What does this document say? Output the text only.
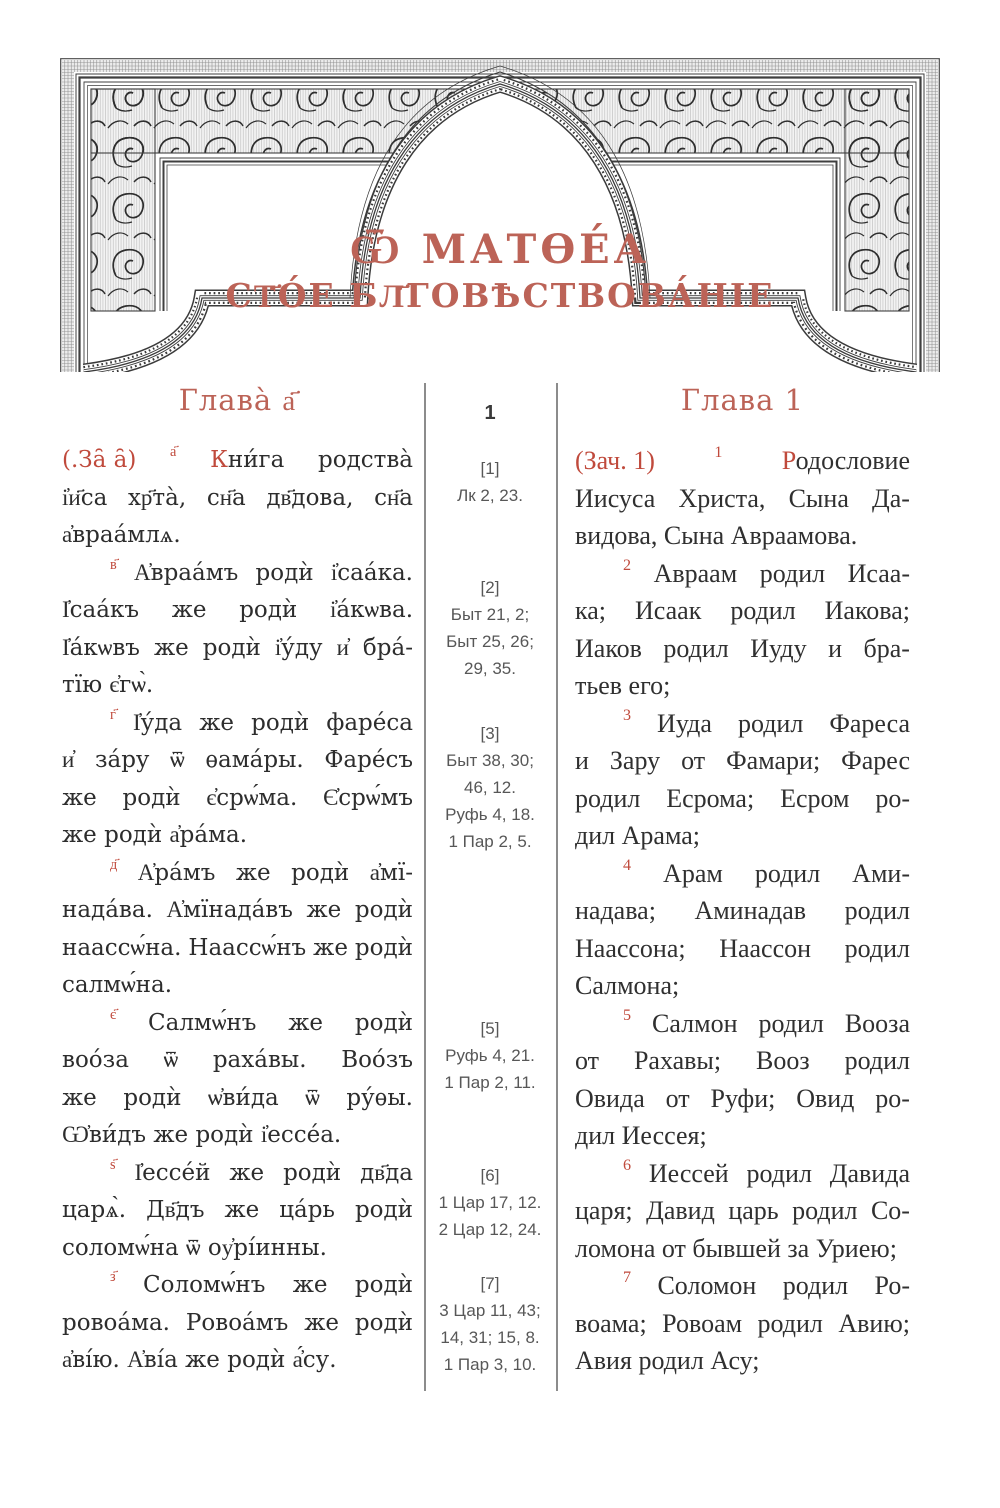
Ѿ МАТѲЕ́А
СТ҃О́Е БЛ҃ГОВѢСТВОВА́НІЕ
1
[1]
Лк 2, 23.
[2]
Быт 21, 2;
Быт 25, 26;
29, 35.
[3]
Быт 38, 30;
46, 12.
Руфь 4, 18.
1 Пар 2, 5.
[5]
Руфь 4, 21.
1 Пар 2, 11.
[6]
1 Цар 17, 12.
2 Цар 12, 24.
[7]
3 Цар 11, 43;
14, 31; 15, 8.
1 Пар 3, 10.
Глава̀ а҃
(.За̑ а̑) а҃ Кни́га родства̀
і҆и҃са хр҃та̀, сн҃а дв҃дова, сн҃а
а҆враа́млѧ.
в҃ А҆враа́мъ родѝ і҆саа́ка.
І҆саа́къ же родѝ і҆а́кѡва.
І҆а́кѡвъ же родѝ і҆у́ду и҆ бра́-
тїю є҆гѡ̀.
г҃ І҆у́да же родѝ фаре́са
и҆ за́ру ѿ ѳама́ры. Фаре́съ
же родѝ є҆срѡ́ма. Є҆срѡ́мъ
же родѝ а҆ра́ма.
д҃ А҆ра́мъ же родѝ а҆мї-
нада́ва. А҆мїнада́въ же родѝ
наассѡ́на. Наассѡ́нъ же родѝ
салмѡ́на.
є҃ Салмѡ́нъ же родѝ
воо́за ѿ раха́вы. Воо́зъ
же родѝ ѡ҆ви́да ѿ ру́ѳы.
Ѡ҆ви́дъ же родѝ і҆ессе́а.
ѕ҃ І҆ессе́й же родѝ дв҃да
царѧ̀. Дв҃дъ же ца́рь родѝ
соломѡ́на ѿ оу҆рі́инны.
з҃ Соломѡ́нъ же родѝ
ровоа́ма. Ровоа́мъ же родѝ
а҆ві́ю. А҆ві́а же родѝ а҆́су.
Глава 1
(Зач. 1)	1 Родословие
Иисуса Христа, Сына Да-
видова, Сына Авраамова.
2 Авраам родил Исаа-
ка; Исаак родил Иакова;
Иаков родил Иуду и бра-
тьев его;
3 Иуда родил Фареса
и Зару от Фамари; Фарес
родил Есрома; Есром ро-
дил Арама;
4 Арам родил Ами-
надава; Аминадав родил
Наассона; Наассон родил
Салмона;
5 Салмон родил Вооза
от Рахавы; Вооз родил
Овида от Руфи; Овид ро-
дил Иессея;
6 Иессей родил Давида
царя; Давид царь родил Со-
ломона от бывшей за Уриею;
7 Соломон родил Ро-
воама; Ровоам родил Авию;
Авия родил Асу;
